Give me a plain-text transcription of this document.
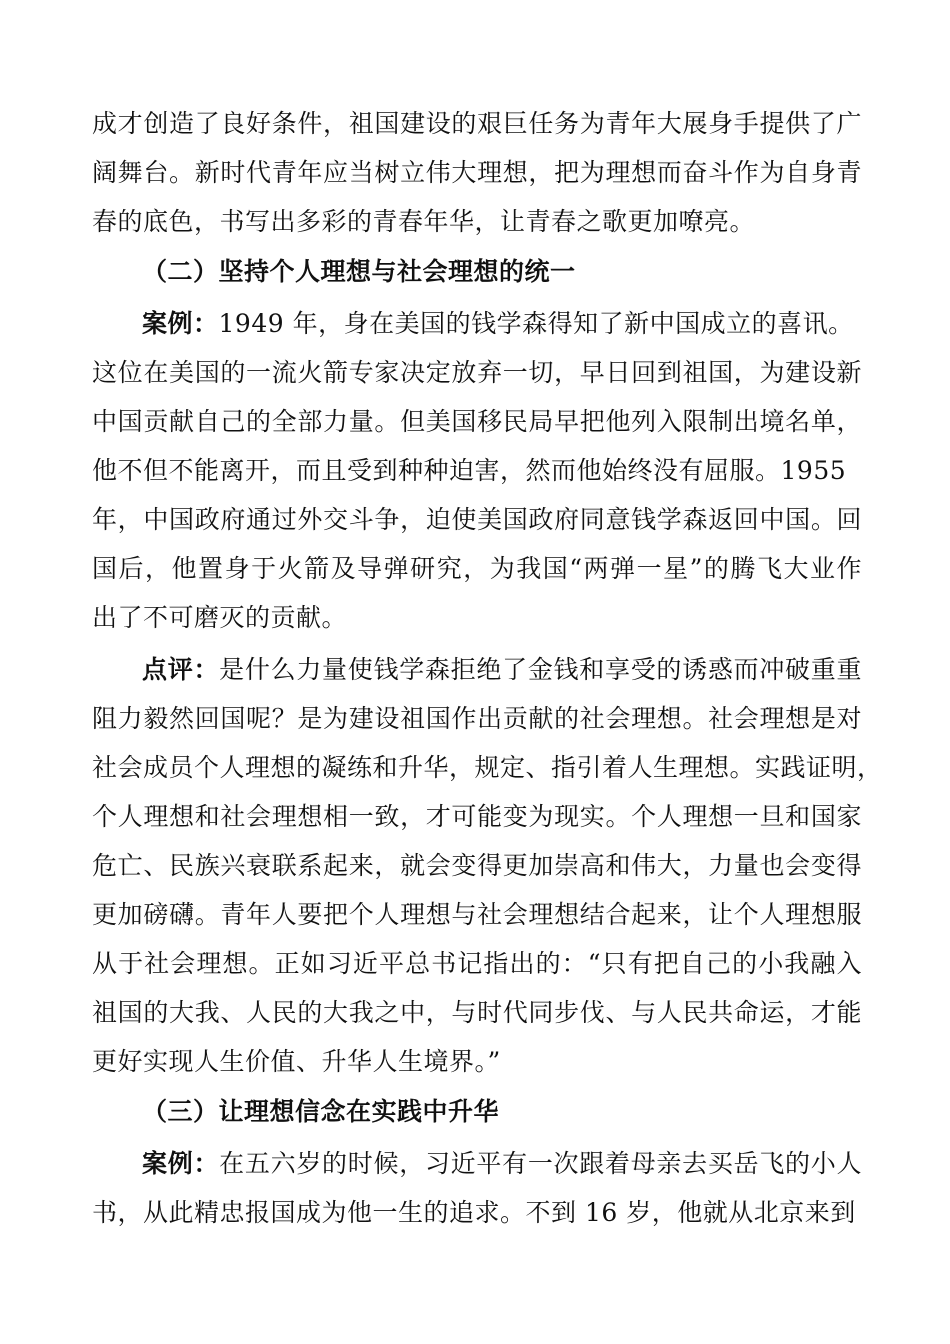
成才创造了良好条件，祖国建设的艰巨任务为青年大展身手提供了广
阔舞台。新时代青年应当树立伟大理想，把为理想而奋斗作为自身青
春的底色，书写出多彩的青春年华，让青春之歌更加嘹亮。
（二）坚持个人理想与社会理想的统一
案例：1949 年，身在美国的钱学森得知了新中国成立的喜讯。
这位在美国的一流火箭专家决定放弃一切，早日回到祖国，为建设新
中国贡献自己的全部力量。但美国移民局早把他列入限制出境名单，
他不但不能离开，而且受到种种迫害，然而他始终没有屈服。1955
年，中国政府通过外交斗争，迫使美国政府同意钱学森返回中国。回
国后，他置身于火箭及导弹研究，为我国“两弹一星”的腾飞大业作
出了不可磨灭的贡献。
点评：是什么力量使钱学森拒绝了金钱和享受的诱惑而冲破重重
阻力毅然回国呢？是为建设祖国作出贡献的社会理想。社会理想是对
社会成员个人理想的凝练和升华，规定、指引着人生理想。实践证明，
个人理想和社会理想相一致，才可能变为现实。个人理想一旦和国家
危亡、民族兴衰联系起来，就会变得更加崇高和伟大，力量也会变得
更加磅礴。青年人要把个人理想与社会理想结合起来，让个人理想服
从于社会理想。正如习近平总书记指出的：“只有把自己的小我融入
祖国的大我、人民的大我之中，与时代同步伐、与人民共命运，才能
更好实现人生价值、升华人生境界。”
（三）让理想信念在实践中升华
案例：在五六岁的时候，习近平有一次跟着母亲去买岳飞的小人
书，从此精忠报国成为他一生的追求。不到 16 岁，他就从北京来到
